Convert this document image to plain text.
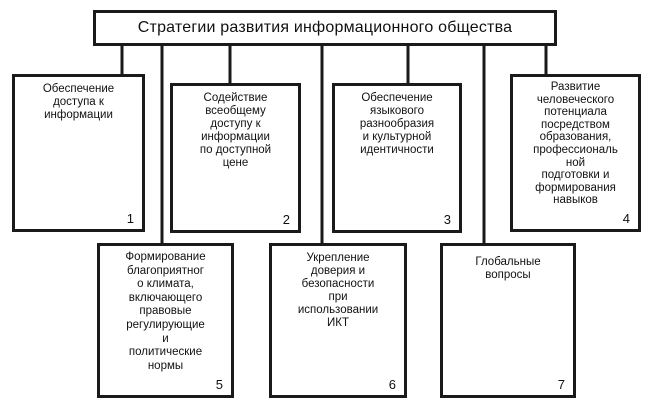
Стратегии развития информационного общества
Обеспечение
доступа к
информации
1
Содействие
всеобщему
доступу к
информации
по доступной
цене
2
Обеспечение
языкового
разнообразия
и культурной
идентичности
3
Развитие
человеческого
потенциала
посредством
образования,
профессиональ
ной
подготовки и
формирования
навыков
4
Формирование
благоприятног
о климата,
включающего
правовые
регулирующие
и
политические
нормы
5
Укрепление
доверия и
безопасности
при
использовании
ИКТ
6
Глобальные
вопросы
7
